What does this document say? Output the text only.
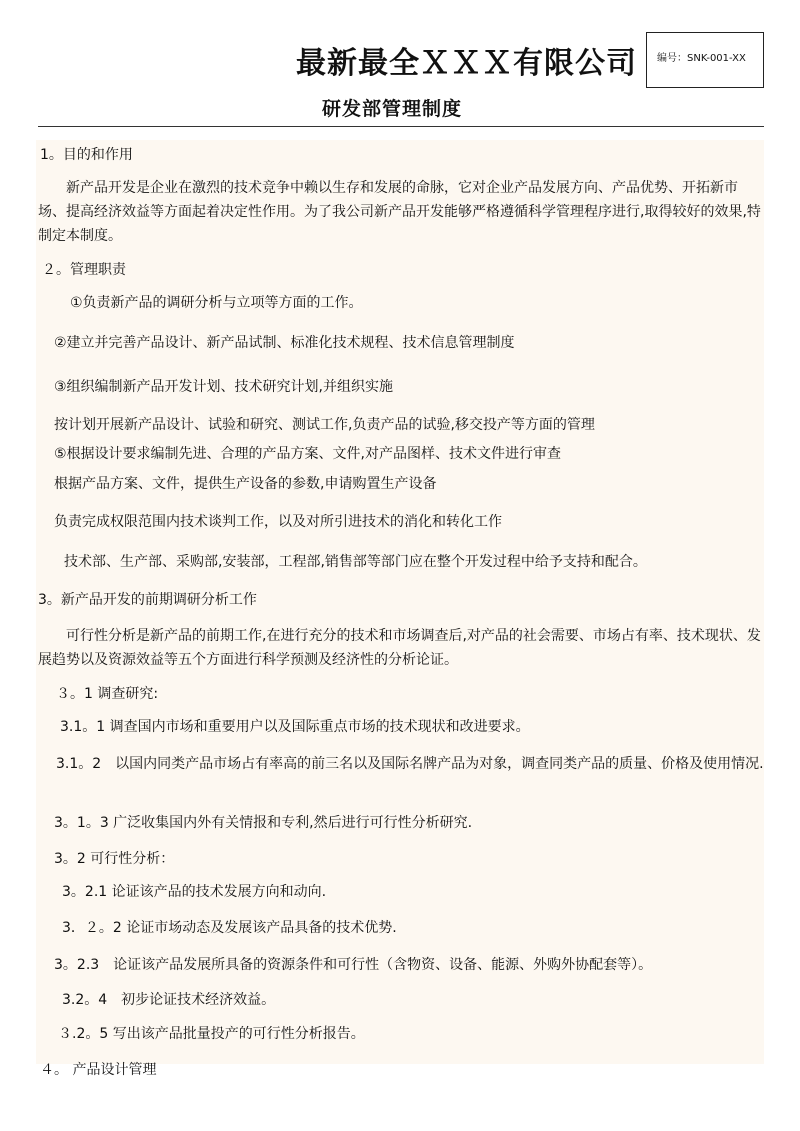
最新最全ＸＸＸ有限公司	编号：SNK-001-XX
研发部管理制度
1。目的和作用
新产品开发是企业在激烈的技术竞争中赖以生存和发展的命脉，它对企业产品发展方向、产品优势、开拓新市场、提高经济效益等方面起着决定性作用。为了我公司新产品开发能够严格遵循科学管理程序进行,取得较好的效果,特制定本制度。
２。管理职责
①负责新产品的调研分析与立项等方面的工作。
②建立并完善产品设计、新产品试制、标准化技术规程、技术信息管理制度
③组织编制新产品开发计划、技术研究计划,并组织实施
按计划开展新产品设计、试验和研究、测试工作,负责产品的试验,移交投产等方面的管理
⑤根据设计要求编制先进、合理的产品方案、文件,对产品图样、技术文件进行审查
根据产品方案、文件，提供生产设备的参数,申请购置生产设备
负责完成权限范围内技术谈判工作，以及对所引进技术的消化和转化工作
技术部、生产部、采购部,安装部，工程部,销售部等部门应在整个开发过程中给予支持和配合。
3。新产品开发的前期调研分析工作
可行性分析是新产品的前期工作,在进行充分的技术和市场调查后,对产品的社会需要、市场占有率、技术现状、发展趋势以及资源效益等五个方面进行科学预测及经济性的分析论证。
３。1 调查研究:
3.1。1 调查国内市场和重要用户以及国际重点市场的技术现状和改进要求。
3.1。2　以国内同类产品市场占有率高的前三名以及国际名牌产品为对象，调查同类产品的质量、价格及使用情况.
3。1。3 广泛收集国内外有关情报和专利,然后进行可行性分析研究.
3。2 可行性分析：
3。2.1 论证该产品的技术发展方向和动向.
3．２。2 论证市场动态及发展该产品具备的技术优势.
3。2.3　论证该产品发展所具备的资源条件和可行性（含物资、设备、能源、外购外协配套等）。
3.2。4　初步论证技术经济效益。
３.2。5 写出该产品批量投产的可行性分析报告。
４。 产品设计管理
